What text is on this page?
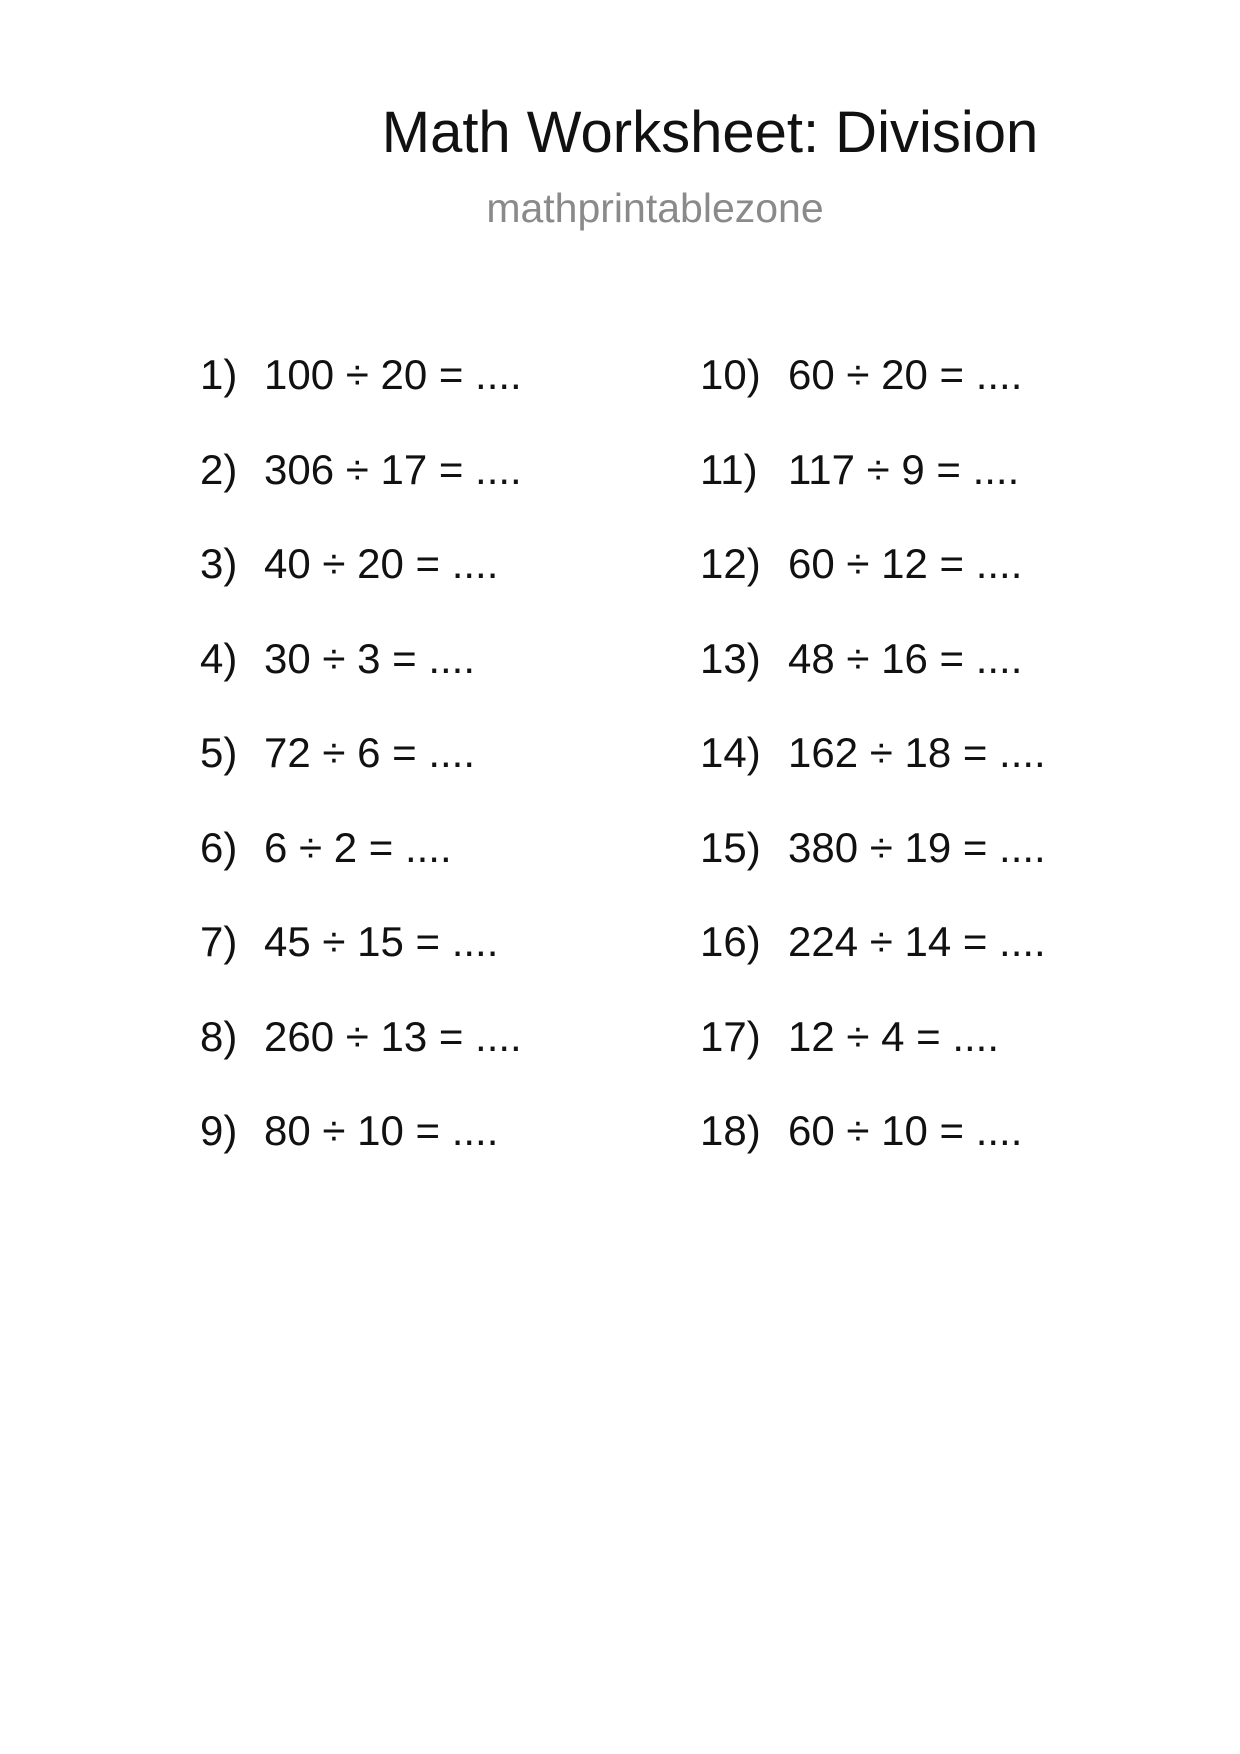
Math Worksheet: Division
mathprintablezone
1) 100 ÷ 20 = ....
2) 306 ÷ 17 = ....
3) 40 ÷ 20 = ....
4) 30 ÷ 3 = ....
5) 72 ÷ 6 = ....
6) 6 ÷ 2 = ....
7) 45 ÷ 15 = ....
8) 260 ÷ 13 = ....
9) 80 ÷ 10 = ....
10) 60 ÷ 20 = ....
11) 117 ÷ 9 = ....
12) 60 ÷ 12 = ....
13) 48 ÷ 16 = ....
14) 162 ÷ 18 = ....
15) 380 ÷ 19 = ....
16) 224 ÷ 14 = ....
17) 12 ÷ 4 = ....
18) 60 ÷ 10 = ....
